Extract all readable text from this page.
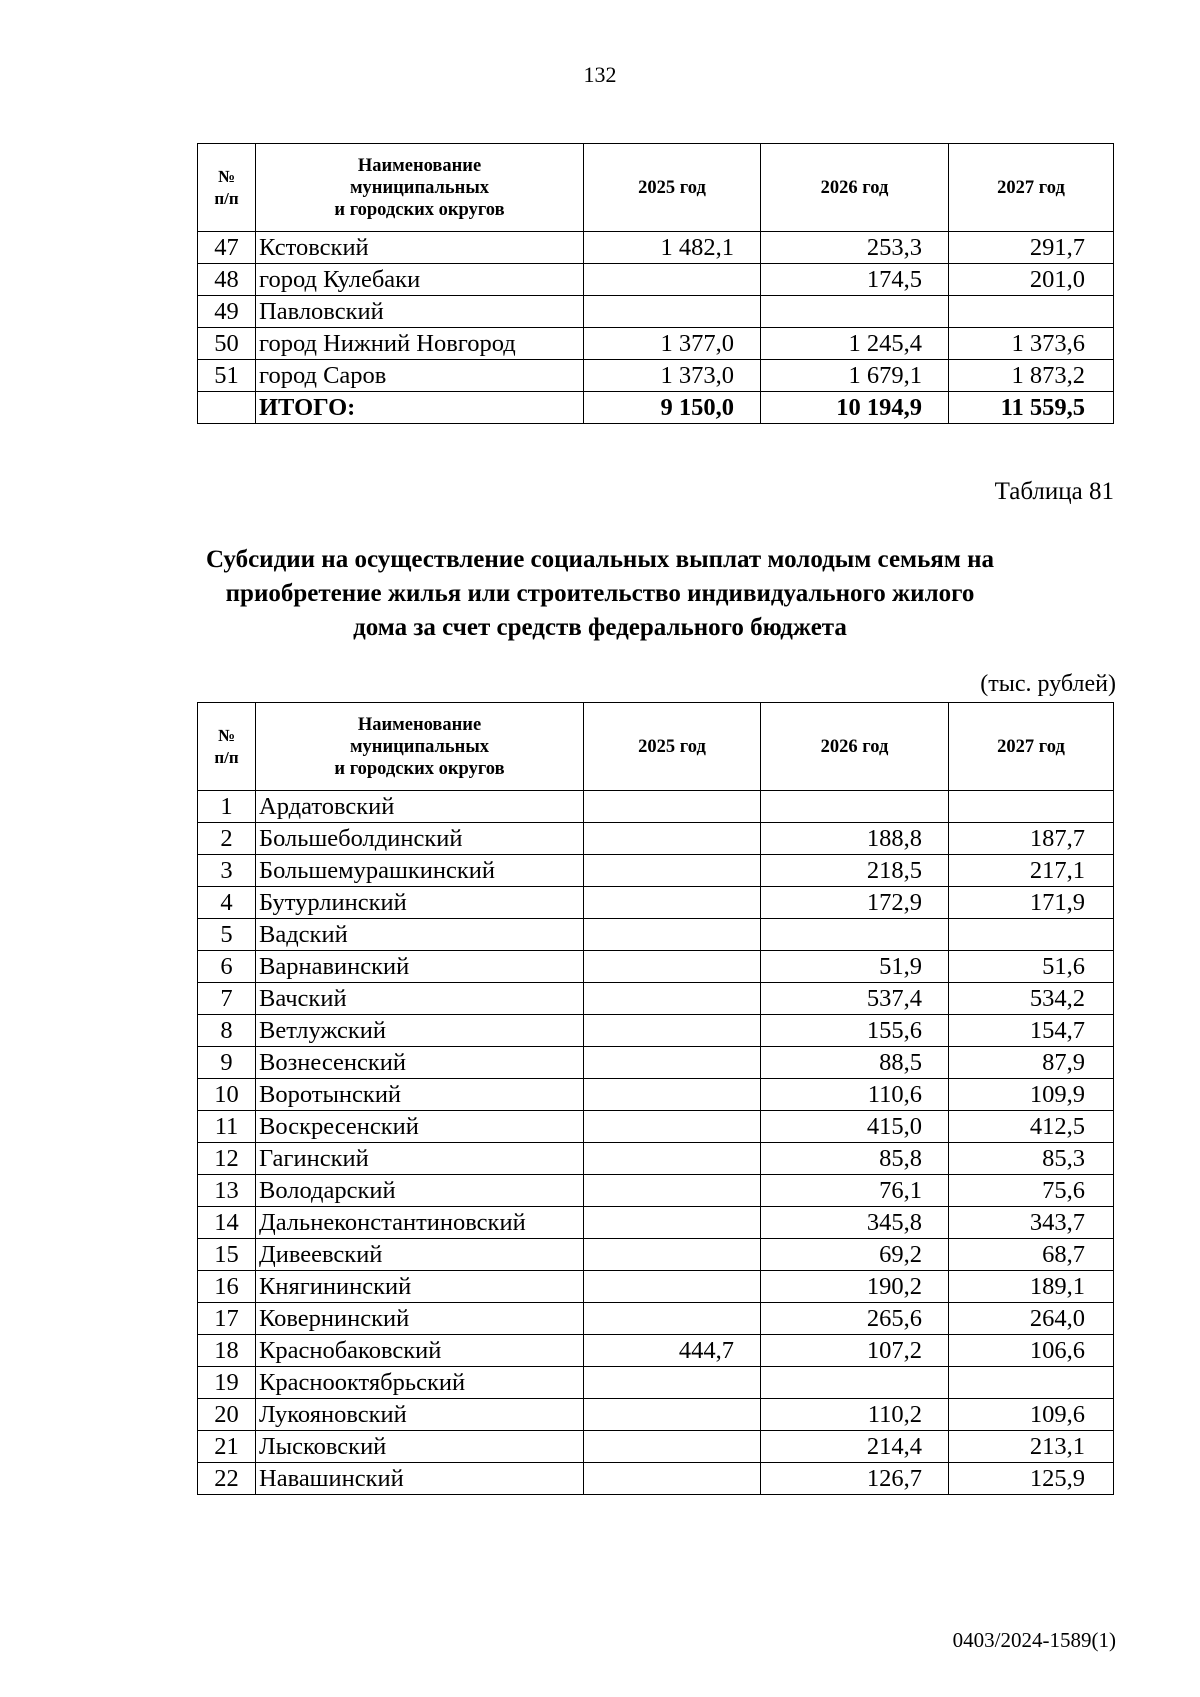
132
№
п/п	Наименование
муниципальных
и городских округов	2025 год	2026 год	2027 год
47	Кстовский	1 482,1	253,3	291,7
48	город Кулебаки		174,5	201,0
49	Павловский			
50	город Нижний Новгород	1 377,0	1 245,4	1 373,6
51	город Саров	1 373,0	1 679,1	1 873,2
	ИТОГО:	9 150,0	10 194,9	11 559,5
Таблица 81
Субсидии на осуществление социальных выплат молодым семьям на
приобретение жилья или строительство индивидуального жилого
дома за счет средств федерального бюджета
(тыс. рублей)
№
п/п	Наименование
муниципальных
и городских округов	2025 год	2026 год	2027 год
1	Ардатовский			
2	Большеболдинский		188,8	187,7
3	Большемурашкинский		218,5	217,1
4	Бутурлинский		172,9	171,9
5	Вадский			
6	Варнавинский		51,9	51,6
7	Вачский		537,4	534,2
8	Ветлужский		155,6	154,7
9	Вознесенский		88,5	87,9
10	Воротынский		110,6	109,9
11	Воскресенский		415,0	412,5
12	Гагинский		85,8	85,3
13	Володарский		76,1	75,6
14	Дальнеконстантиновский		345,8	343,7
15	Дивеевский		69,2	68,7
16	Княгининский		190,2	189,1
17	Ковернинский		265,6	264,0
18	Краснобаковский	444,7	107,2	106,6
19	Краснооктябрьский			
20	Лукояновский		110,2	109,6
21	Лысковский		214,4	213,1
22	Навашинский		126,7	125,9
0403/2024-1589(1)
